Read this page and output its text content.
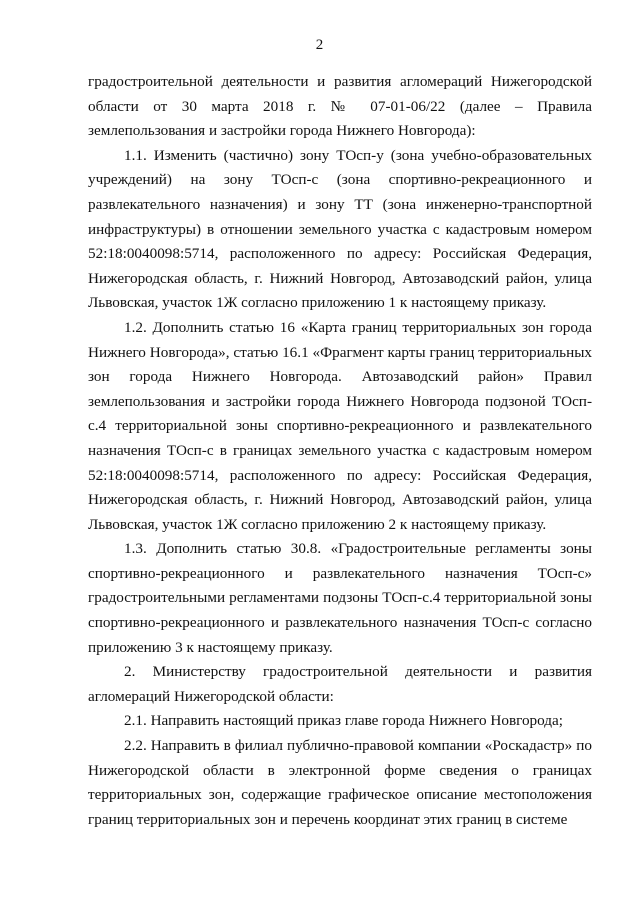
2

градостроительной деятельности и развития агломераций Нижегородской области от 30 марта 2018 г. № 07-01-06/22 (далее – Правила землепользования и застройки города Нижнего Новгорода):

1.1. Изменить (частично) зону ТОсп-у (зона учебно-образовательных учреждений) на зону ТОсп-с (зона спортивно-рекреационного и развлекательного назначения) и зону ТТ (зона инженерно-транспортной инфраструктуры) в отношении земельного участка с кадастровым номером 52:18:0040098:5714, расположенного по адресу: Российская Федерация, Нижегородская область, г. Нижний Новгород, Автозаводский район, улица Львовская, участок 1Ж согласно приложению 1 к настоящему приказу.

1.2. Дополнить статью 16 «Карта границ территориальных зон города Нижнего Новгорода», статью 16.1 «Фрагмент карты границ территориальных зон города Нижнего Новгорода. Автозаводский район» Правил землепользования и застройки города Нижнего Новгорода подзоной ТОсп-с.4 территориальной зоны спортивно-рекреационного и развлекательного назначения ТОсп-с в границах земельного участка с кадастровым номером 52:18:0040098:5714, расположенного по адресу: Российская Федерация, Нижегородская область, г. Нижний Новгород, Автозаводский район, улица Львовская, участок 1Ж согласно приложению 2 к настоящему приказу.

1.3. Дополнить статью 30.8. «Градостроительные регламенты зоны спортивно-рекреационного и развлекательного назначения ТОсп-с» градостроительными регламентами подзоны ТОсп-с.4 территориальной зоны спортивно-рекреационного и развлекательного назначения ТОсп-с согласно приложению 3 к настоящему приказу.

2. Министерству градостроительной деятельности и развития агломераций Нижегородской области:

2.1. Направить настоящий приказ главе города Нижнего Новгорода;

2.2. Направить в филиал публично-правовой компании «Роскадастр» по Нижегородской области в электронной форме сведения о границах территориальных зон, содержащие графическое описание местоположения границ территориальных зон и перечень координат этих границ в системе
